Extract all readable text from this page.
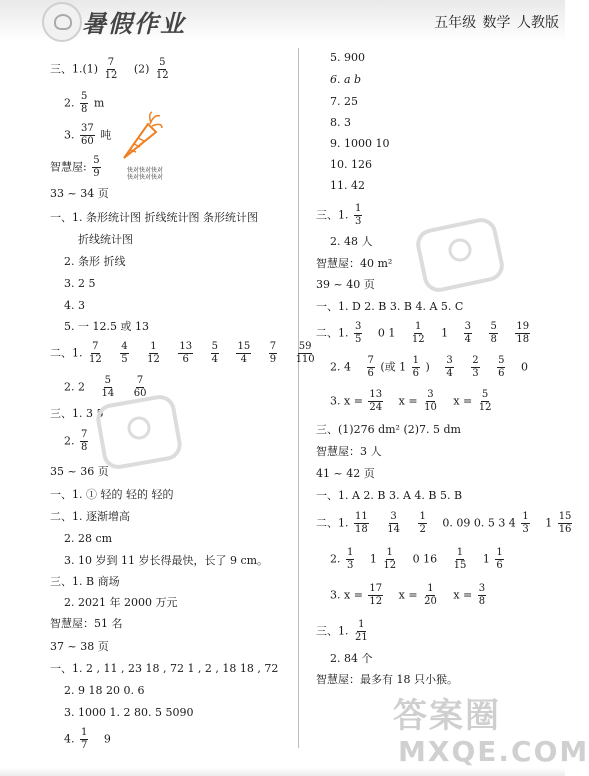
暑假作业	五年级 数学 人教版
三、$1.(1) \frac{7}{12} (2) \frac{5}{12}$
2. $\frac{5}{8}$ m
3. $\frac{37}{60}$ 吨
快对快对快对
快对快对快对
智慧屋: $\frac{5}{9}$
33 ~ 34 页
一、1. 条形统计图 折线统计图 条形统计图
折线统计图
2. 条形 折线
3. 2 5
4. 3
5. 一 12.5 或 13
二、1. $\frac{7}{12}$
$\frac{4}{5}$
$\frac{1}{12}$
$\frac{13}{6}$
$\frac{5}{4}$
$\frac{15}{4}$
$\frac{7}{9}$
$\frac{59}{110}$
2. $2 \frac{5}{14}$
$\frac{7}{60}$
三、1. 3 5
2. $\frac{7}{8}$
35 ~ 36 页
一、1. ① 轻的 轻的 轻的
二、1. 逐渐增高
2. 28 cm
3. 10 岁到 11 岁长得最快，长了 9 cm。
三、1. B 商场
2. 2021 年 2000 万元
智慧屋：51 名
37 ~ 38 页
一、1. 2 , 11 , 23 18 , 72 1 , 2 , 18 18 , 72
2. 9 18 20 0. 6
3. 1000 1. 2 80. 5 5090
4. $\frac{1}{7} 9$
5. 900
6. a b
7. 25
8. 3
9. 1000 10
10. 126
11. 42
三、1. $\frac{1}{3}$
2. 48 人
智慧屋：40 m²
39 ~ 40 页
一、1. D 2. B 3. B 4. A 5. C
二、1. $\frac{3}{5} 0$ $1 \frac{1}{12} 1 \frac{3}{4}$
$\frac{5}{8}$
$\frac{19}{18}$
2. $4 \frac{7}{6}$ (或 $1 \frac{1}{6}$ ) $\frac{3}{4}$
$\frac{2}{3}$
$\frac{5}{6} 0$
3. $x = \frac{13}{24}$ $x = \frac{3}{10}$ $x = \frac{5}{12}$
三、(1)276 dm² (2)7. 5 dm
智慧屋：3 人
41 ~ 42 页
一、1. A 2. B 3. A 4. B 5. B
二、1. $\frac{11}{18}$
$\frac{3}{14}$
$\frac{1}{2} 0$. 09 0. 5 3 $4 \frac{1}{3} 1 \frac{15}{16}$
2. $\frac{1}{3} 1 \frac{1}{12} 0$ $16 \frac{1}{15} 1 \frac{1}{6}$
3. $x = \frac{17}{12}$ $x = \frac{1}{20}$ $x = \frac{3}{8}$
三、1. $\frac{1}{21}$
2. 84 个
智慧屋：最多有 18 只小猴。
答案圈
MXQE.COM
